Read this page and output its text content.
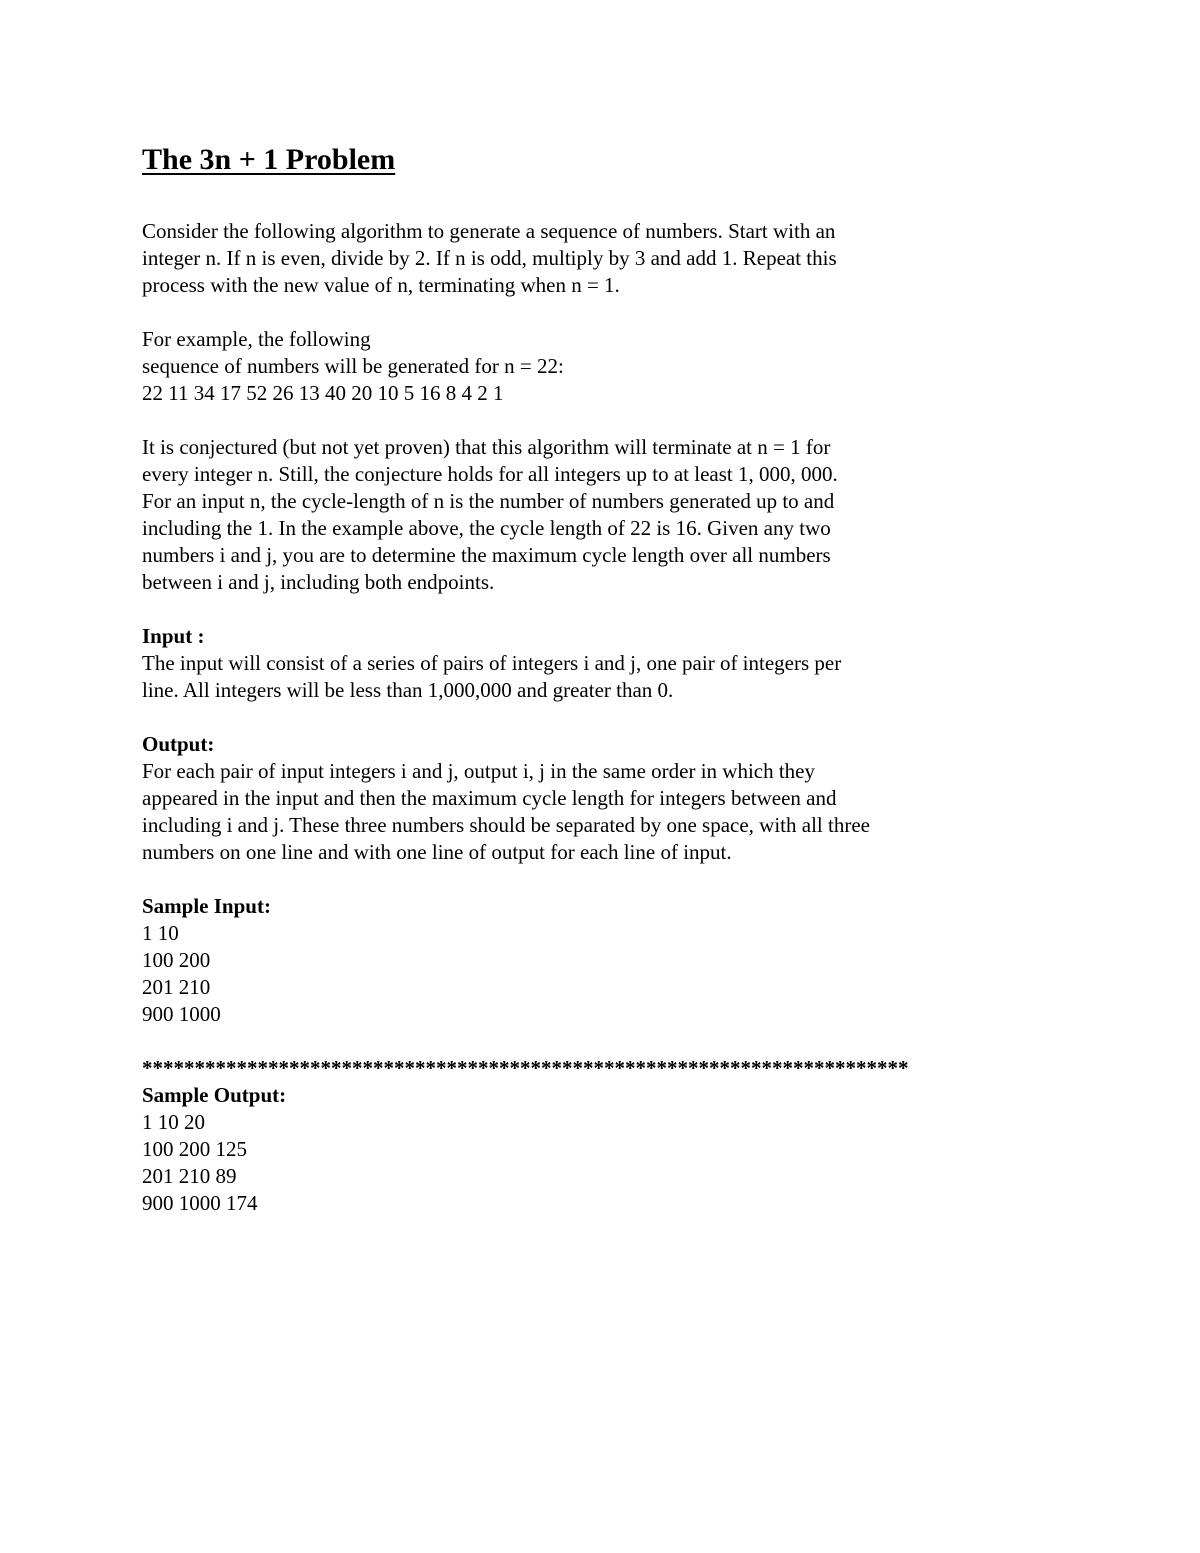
The 3n + 1 Problem
Consider the following algorithm to generate a sequence of numbers. Start with an
integer n. If n is even, divide by 2. If n is odd, multiply by 3 and add 1. Repeat this
process with the new value of n, terminating when n = 1.
For example, the following
sequence of numbers will be generated for n = 22:
22 11 34 17 52 26 13 40 20 10 5 16 8 4 2 1
It is conjectured (but not yet proven) that this algorithm will terminate at n = 1 for
every integer n. Still, the conjecture holds for all integers up to at least 1, 000, 000.
For an input n, the cycle-length of n is the number of numbers generated up to and
including the 1. In the example above, the cycle length of 22 is 16. Given any two
numbers i and j, you are to determine the maximum cycle length over all numbers
between i and j, including both endpoints.
Input :
The input will consist of a series of pairs of integers i and j, one pair of integers per
line. All integers will be less than 1,000,000 and greater than 0.
Output:
For each pair of input integers i and j, output i, j in the same order in which they
appeared in the input and then the maximum cycle length for integers between and
including i and j. These three numbers should be separated by one space, with all three
numbers on one line and with one line of output for each line of input.
Sample Input:
1 10
100 200
201 210
900 1000
*************************************************************************
Sample Output:
1 10 20
100 200 125
201 210 89
900 1000 174
